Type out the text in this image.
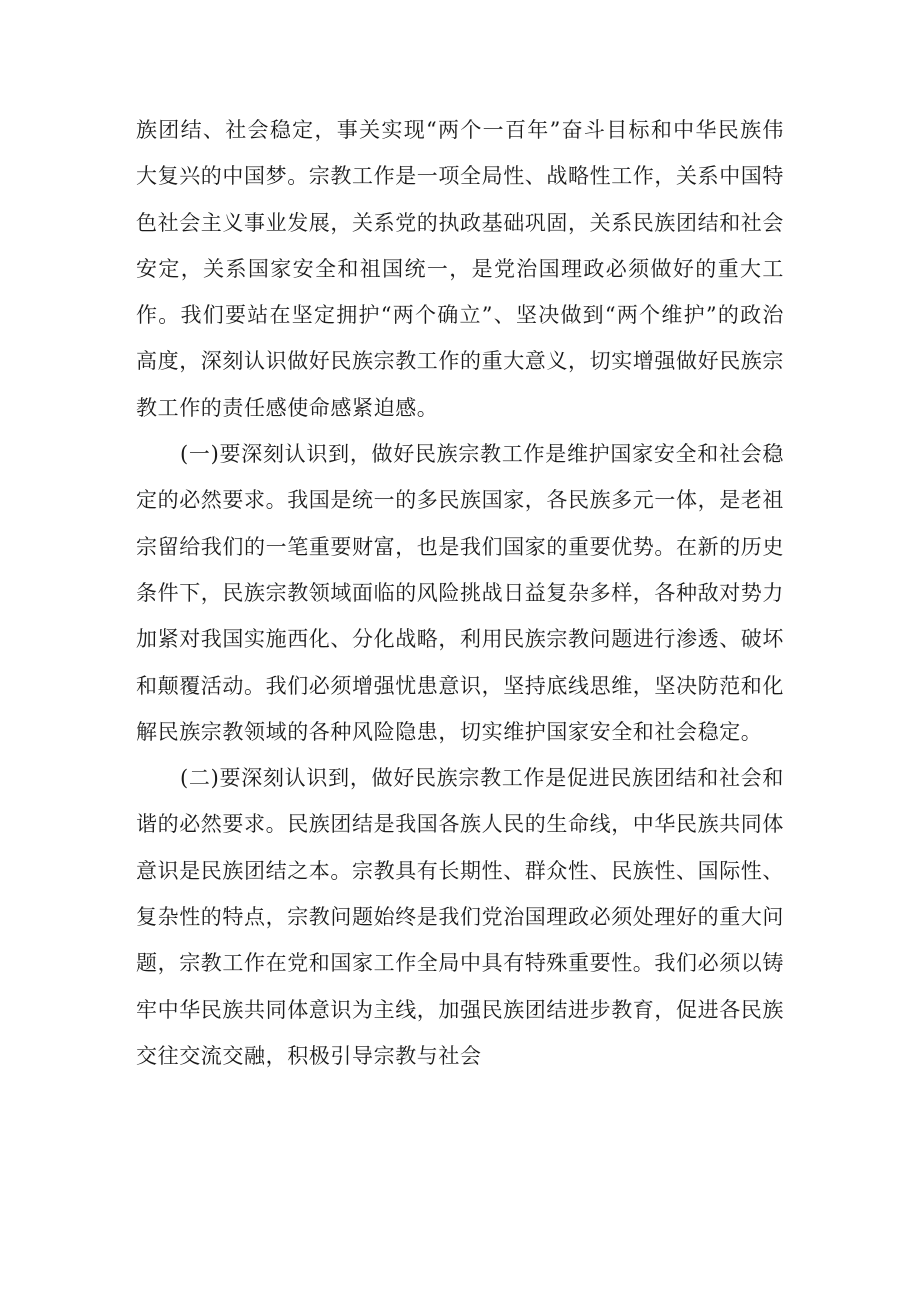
族团结、社会稳定，事关实现“两个一百年”奋斗目标和中华民族伟大复兴的中国梦。宗教工作是一项全局性、战略性工作，关系中国特色社会主义事业发展，关系党的执政基础巩固，关系民族团结和社会安定，关系国家安全和祖国统一，是党治国理政必须做好的重大工作。我们要站在坚定拥护“两个确立”、坚决做到“两个维护”的政治高度，深刻认识做好民族宗教工作的重大意义，切实增强做好民族宗教工作的责任感使命感紧迫感。

(一)要深刻认识到，做好民族宗教工作是维护国家安全和社会稳定的必然要求。我国是统一的多民族国家，各民族多元一体，是老祖宗留给我们的一笔重要财富，也是我们国家的重要优势。在新的历史条件下，民族宗教领域面临的风险挑战日益复杂多样，各种敌对势力加紧对我国实施西化、分化战略，利用民族宗教问题进行渗透、破坏和颠覆活动。我们必须增强忧患意识，坚持底线思维，坚决防范和化解民族宗教领域的各种风险隐患，切实维护国家安全和社会稳定。

(二)要深刻认识到，做好民族宗教工作是促进民族团结和社会和谐的必然要求。民族团结是我国各族人民的生命线，中华民族共同体意识是民族团结之本。宗教具有长期性、群众性、民族性、国际性、复杂性的特点，宗教问题始终是我们党治国理政必须处理好的重大问题，宗教工作在党和国家工作全局中具有特殊重要性。我们必须以铸牢中华民族共同体意识为主线，加强民族团结进步教育，促进各民族交往交流交融，积极引导宗教与社会
